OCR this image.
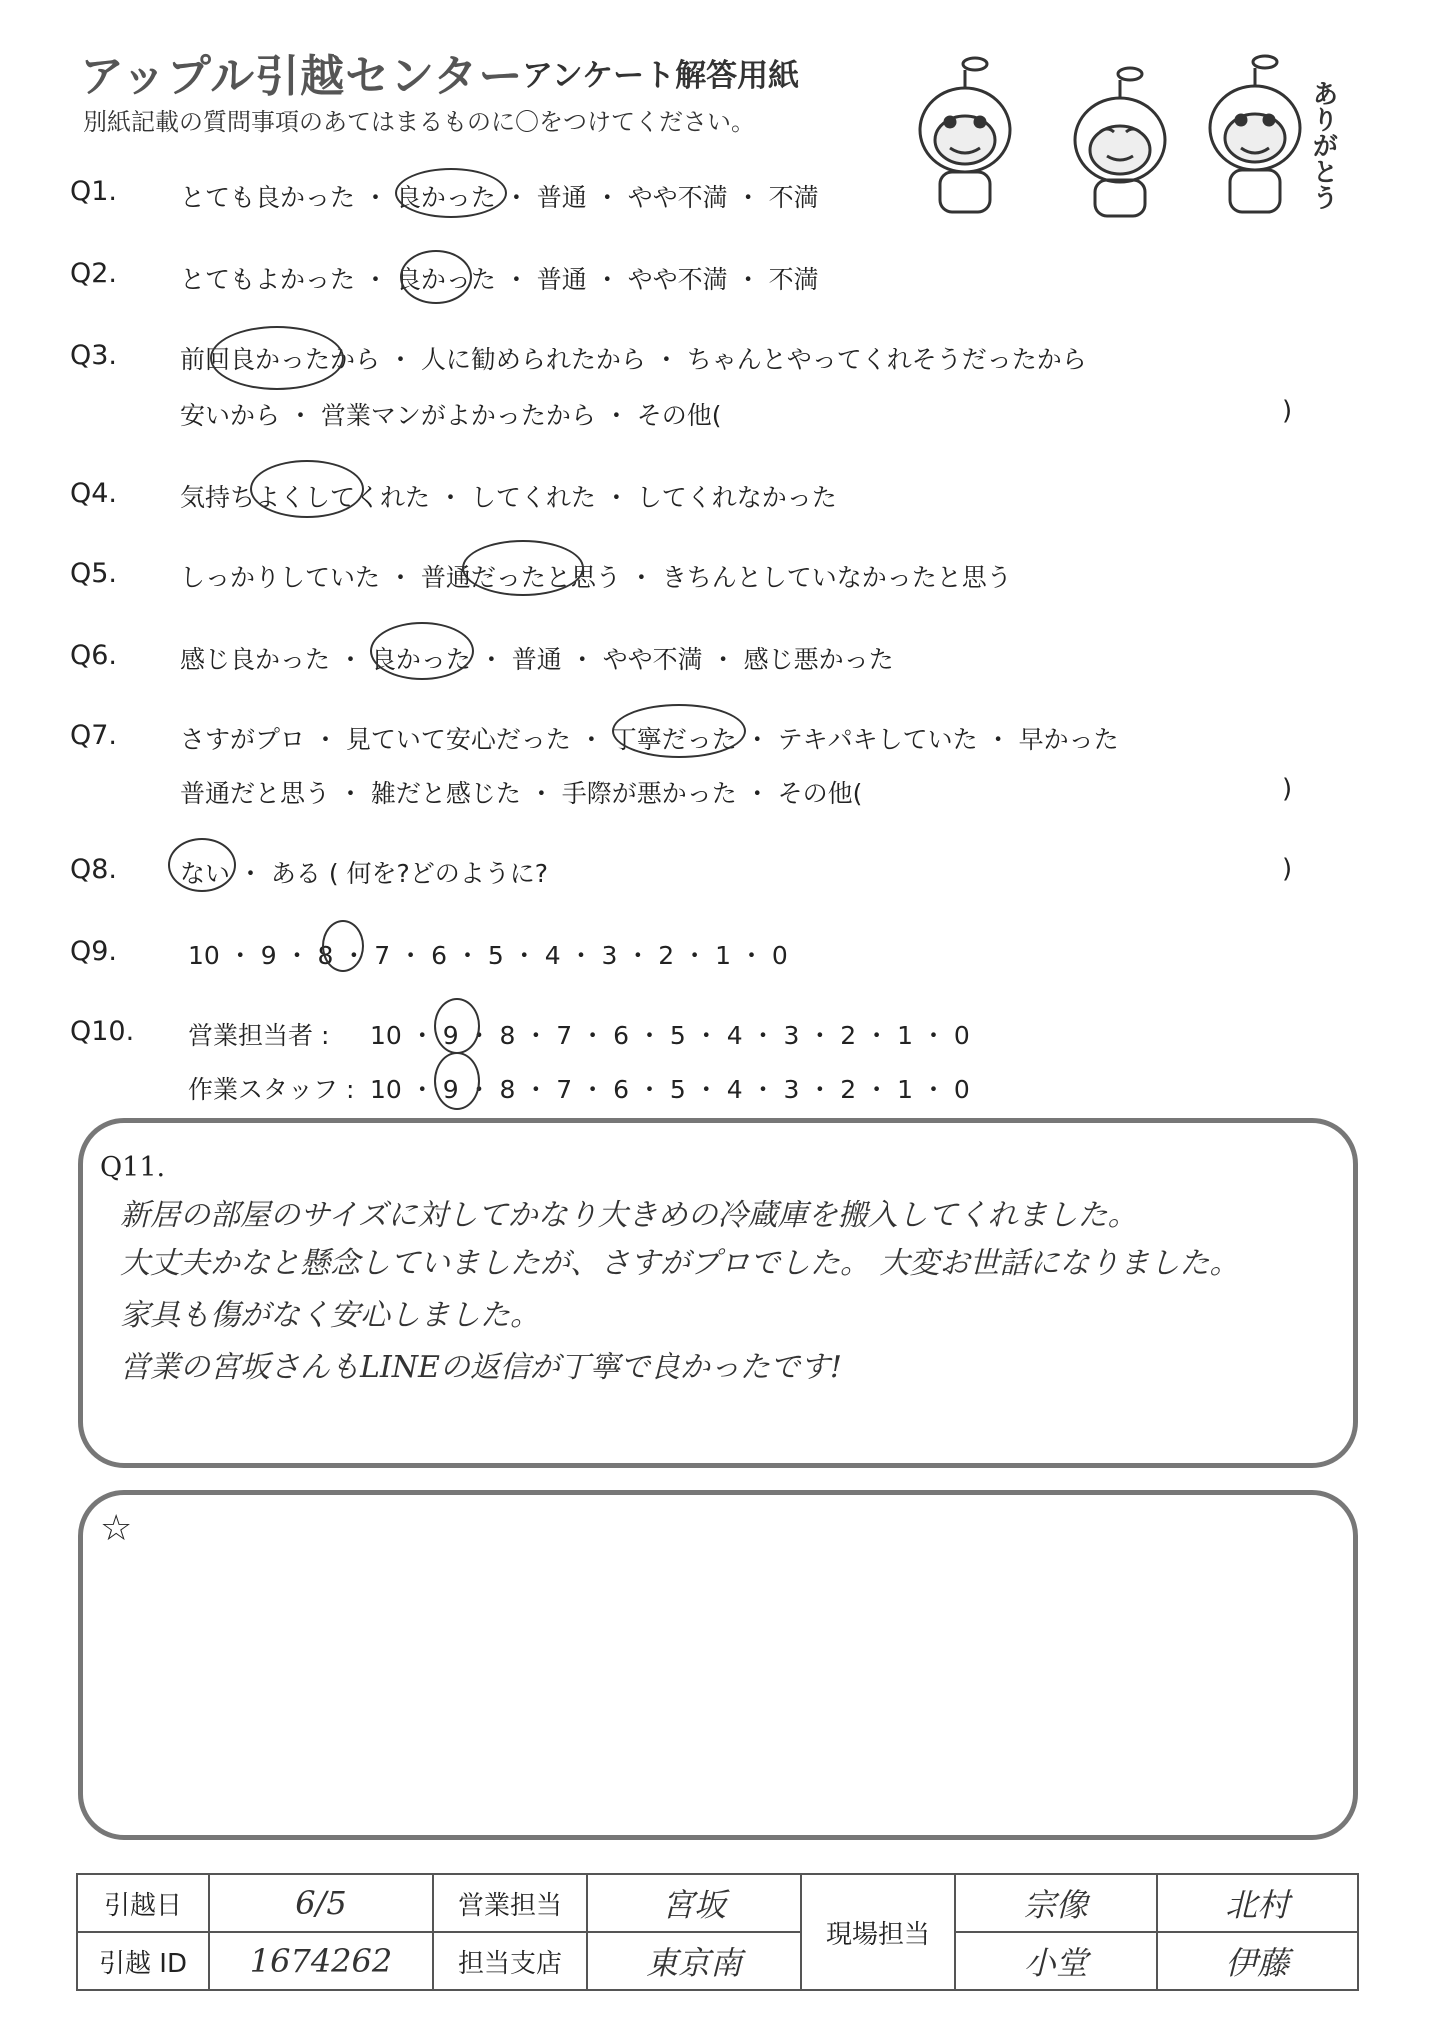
アップル引越センター
アンケート解答用紙
別紙記載の質問事項のあてはまるものに〇をつけてください。	ありがとう
Q1.	とても良かった ・ 良かった ・ 普通 ・ やや不満 ・ 不満
Q2.	とてもよかった ・ 良かった ・ 普通 ・ やや不満 ・ 不満
Q3.	前回良かったから ・ 人に勧められたから ・ ちゃんとやってくれそうだったから
安いから ・ 営業マンがよかったから ・ その他(	)
Q4.	気持ちよくしてくれた ・ してくれた ・ してくれなかった
Q5.	しっかりしていた ・ 普通だったと思う ・ きちんとしていなかったと思う
Q6.	感じ良かった ・ 良かった ・ 普通 ・ やや不満 ・ 感じ悪かった
Q7.	さすがプロ ・ 見ていて安心だった ・ 丁寧だった ・ テキパキしていた ・ 早かった
普通だと思う ・ 雑だと感じた ・ 手際が悪かった ・ その他(	)
Q8.	ない ・ ある ( 何を?どのように?	)
Q9.	10 ・ 9 ・ 8 ・ 7 ・ 6 ・ 5 ・ 4 ・ 3 ・ 2 ・ 1 ・ 0
Q10. 営業担当者 : 10 ・ 9 ・ 8 ・ 7 ・ 6 ・ 5 ・ 4 ・ 3 ・ 2 ・ 1 ・ 0
作業スタッフ : 10 ・ 9 ・ 8 ・ 7 ・ 6 ・ 5 ・ 4 ・ 3 ・ 2 ・ 1 ・ 0
Q11.
新居の部屋のサイズに対してかなり大きめの冷蔵庫を搬入してくれました。
大丈夫かなと懸念していましたが、さすがプロでした。 大変お世話になりました。
家具も傷がなく安心しました。
営業の宮坂さんもLINEの返信が丁寧で良かったです!
☆
引越日	6/5	営業担当	宮坂	現場担当	宗像	北村
引越 ID	1674262	担当支店	東京南		小堂	伊藤
